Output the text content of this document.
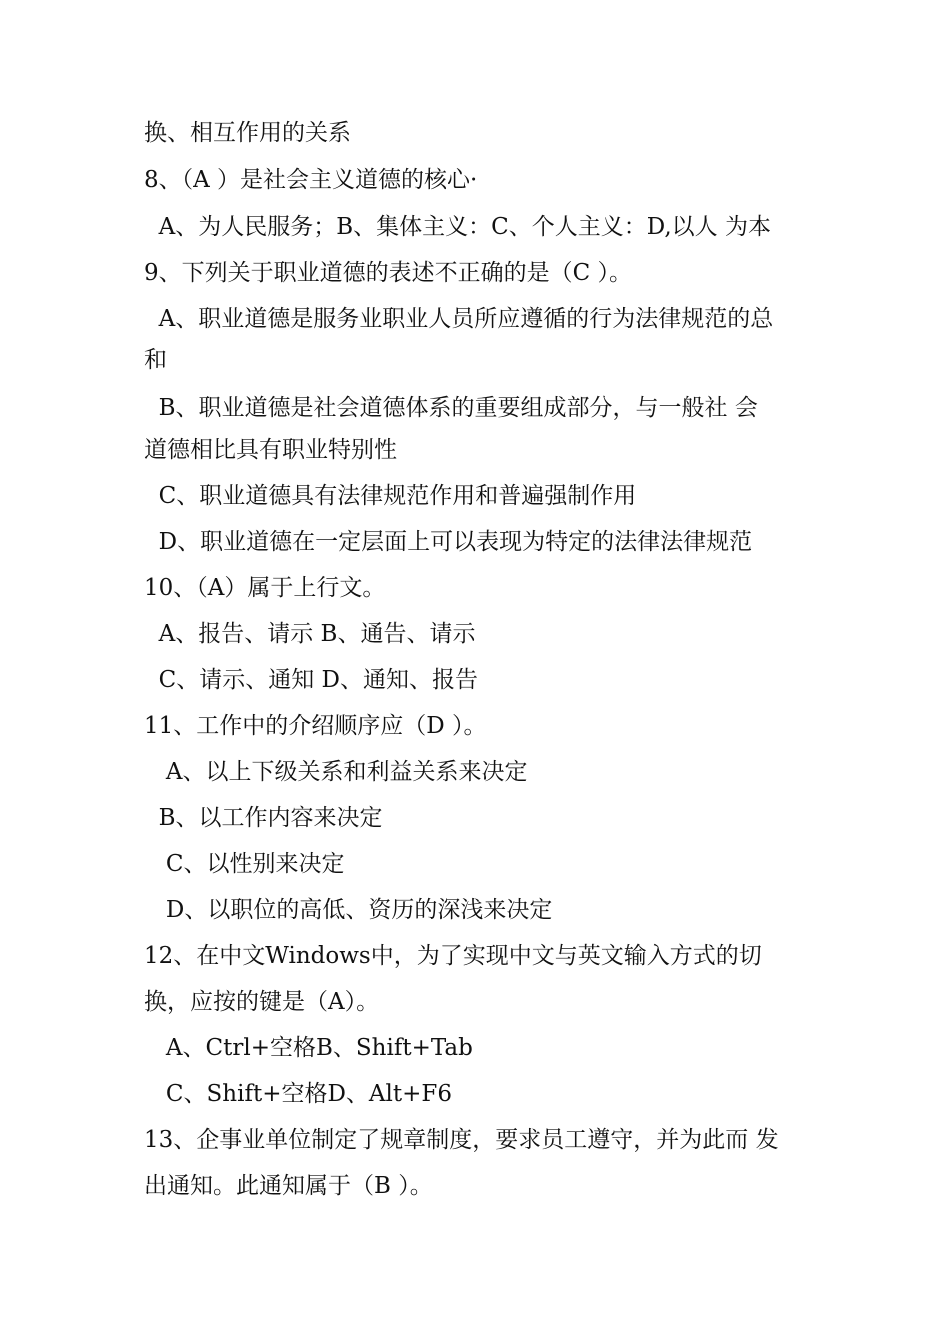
换、相互作用的关系
8、（A ）是社会主义道德的核心·
A、为人民服务；B、集体主义：C、个人主义：D,以人 为本
9、下列关于职业道德的表述不正确的是（C ）。
A、职业道德是服务业职业人员所应遵循的行为法律规范的总
和
B、职业道德是社会道德体系的重要组成部分，与一般社 会
道德相比具有职业特别性
C、职业道德具有法律规范作用和普遍强制作用
D、职业道德在一定层面上可以表现为特定的法律法律规范
10、（A）属于上行文。
A、报告、请示 B、通告、请示
C、请示、通知 D、通知、报告
11、工作中的介绍顺序应（D ）。
A、以上下级关系和利益关系来决定
B、以工作内容来决定
C、以性别来决定
D、以职位的高低、资历的深浅来决定
12、在中文Windows中，为了实现中文与英文输入方式的切
换，应按的键是（A）。
A、Ctrl+空格B、Shift+Tab
C、Shift+空格D、Alt+F6
13、企事业单位制定了规章制度，要求员工遵守，并为此而 发
出通知。此通知属于（B ）。
